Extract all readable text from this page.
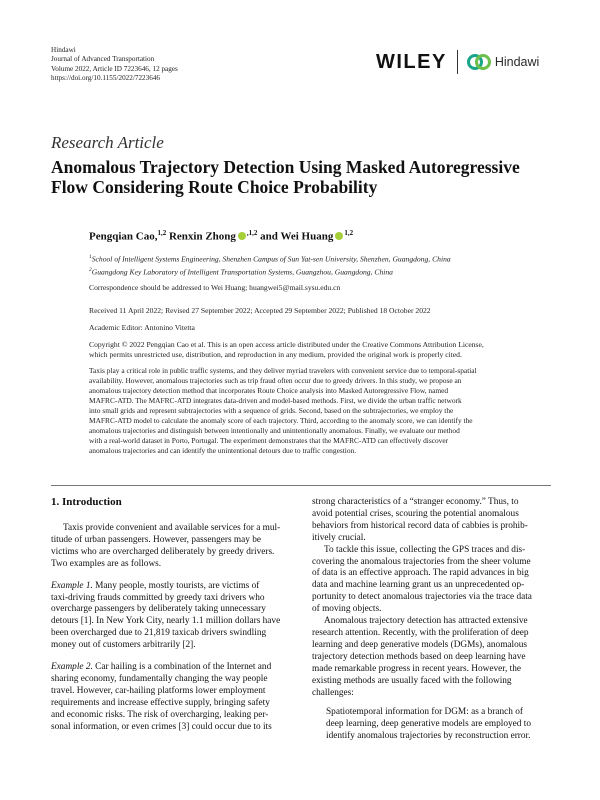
Hindawi
Journal of Advanced Transportation
Volume 2022, Article ID 7223646, 12 pages
https://doi.org/10.1155/2022/7223646
WILEY	Hindawi
Research Article
Anomalous Trajectory Detection Using Masked Autoregressive
Flow Considering Route Choice Probability
Pengqian Cao,$^{1,2}$ Renxin Zhong $^{,1,2}$ and Wei Huang $^{1,2}$
$^1$School of Intelligent Systems Engineering, Shenzhen Campus of Sun Yat-sen University, Shenzhen, Guangdong, China
$^2$Guangdong Key Laboratory of Intelligent Transportation Systems, Guangzhou, Guangdong, China
Correspondence should be addressed to Wei Huang; huangwei5@mail.sysu.edu.cn
Received 11 April 2022; Revised 27 September 2022; Accepted 29 September 2022; Published 18 October 2022
Academic Editor: Antonino Vitetta
Copyright © 2022 Pengqian Cao et al. This is an open access article distributed under the Creative Commons Attribution License,
which permits unrestricted use, distribution, and reproduction in any medium, provided the original work is properly cited.
Taxis play a critical role in public traffic systems, and they deliver myriad travelers with convenient service due to temporal-spatial
availability. However, anomalous trajectories such as trip fraud often occur due to greedy drivers. In this study, we propose an
anomalous trajectory detection method that incorporates Route Choice analysis into Masked Autoregressive Flow, named
MAFRC-ATD. The MAFRC-ATD integrates data-driven and model-based methods. First, we divide the urban traffic network
into small grids and represent subtrajectories with a sequence of grids. Second, based on the subtrajectories, we employ the
MAFRC-ATD model to calculate the anomaly score of each trajectory. Third, according to the anomaly score, we can identify the
anomalous trajectories and distinguish between intentionally and unintentionally anomalous. Finally, we evaluate our method
with a real-world dataset in Porto, Portugal. The experiment demonstrates that the MAFRC-ATD can effectively discover
anomalous trajectories and can identify the unintentional detours due to traffic congestion.
1. Introduction
Taxis provide convenient and available services for a mul-
titude of urban passengers. However, passengers may be
victims who are overcharged deliberately by greedy drivers.
Two examples are as follows.
Example 1. Many people, mostly tourists, are victims of
taxi-driving frauds committed by greedy taxi drivers who
overcharge passengers by deliberately taking unnecessary
detours [1]. In New York City, nearly 1.1 million dollars have
been overcharged due to 21,819 taxicab drivers swindling
money out of customers arbitrarily [2].
Example 2. Car hailing is a combination of the Internet and
sharing economy, fundamentally changing the way people
travel. However, car-hailing platforms lower employment
requirements and increase effective supply, bringing safety
and economic risks. The risk of overcharging, leaking per-
sonal information, or even crimes [3] could occur due to its
strong characteristics of a “stranger economy.” Thus, to
avoid potential crises, scouring the potential anomalous
behaviors from historical record data of cabbies is prohib-
itively crucial.
To tackle this issue, collecting the GPS traces and dis-
covering the anomalous trajectories from the sheer volume
of data is an effective approach. The rapid advances in big
data and machine learning grant us an unprecedented op-
portunity to detect anomalous trajectories via the trace data
of moving objects.
Anomalous trajectory detection has attracted extensive
research attention. Recently, with the proliferation of deep
learning and deep generative models (DGMs), anomalous
trajectory detection methods based on deep learning have
made remarkable progress in recent years. However, the
existing methods are usually faced with the following
challenges:
Spatiotemporal information for DGM: as a branch of
deep learning, deep generative models are employed to
identify anomalous trajectories by reconstruction error.
